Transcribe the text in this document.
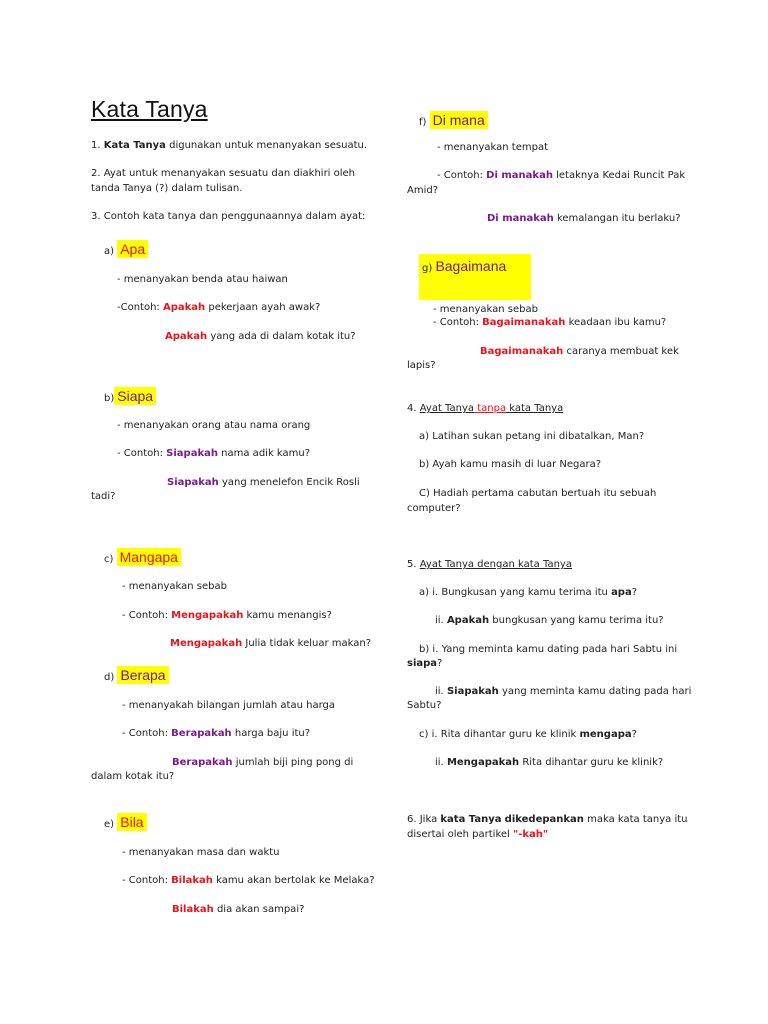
Kata Tanya
1. Kata Tanya digunakan untuk menanyakan sesuatu.
2. Ayat untuk menanyakan sesuatu dan diakhiri oleh tanda Tanya (?) dalam tulisan.
3. Contoh kata tanya dan penggunaannya dalam ayat:
a) Apa
- menanyakan benda atau haiwan
-Contoh: Apakah pekerjaan ayah awak?
Apakah yang ada di dalam kotak itu?
b) Siapa
- menanyakan orang atau nama orang
- Contoh: Siapakah nama adik kamu?
Siapakah yang menelefon Encik Rosli
tadi?
c) Mangapa
- menanyakan sebab
- Contoh: Mengapakah kamu menangis?
Mengapakah Julia tidak keluar makan?
d) Berapa
- menanyakah bilangan jumlah atau harga
- Contoh: Berapakah harga baju itu?
Berapakah jumlah biji ping pong di
dalam kotak itu?
e) Bila
- menanyakan masa dan waktu
- Contoh: Bilakah kamu akan bertolak ke Melaka?
Bilakah dia akan sampai?
f) Di mana
- menanyakan tempat
- Contoh: Di manakah letaknya Kedai Runcit Pak
Amid?
Di manakah kemalangan itu berlaku?
g) Bagaimana
- menanyakan sebab
- Contoh: Bagaimanakah keadaan ibu kamu?
Bagaimanakah caranya membuat kek
lapis?
4. Ayat Tanya tanpa kata Tanya
a) Latihan sukan petang ini dibatalkan, Man?
b) Ayah kamu masih di luar Negara?
C) Hadiah pertama cabutan bertuah itu sebuah computer?
5. Ayat Tanya dengan kata Tanya
a) i. Bungkusan yang kamu terima itu apa?
ii. Apakah bungkusan yang kamu terima itu?
b) i. Yang meminta kamu dating pada hari Sabtu ini
siapa?
ii. Siapakah yang meminta kamu dating pada hari
Sabtu?
c) i. Rita dihantar guru ke klinik mengapa?
ii. Mengapakah Rita dihantar guru ke klinik?
6. Jika kata Tanya dikedepankan maka kata tanya itu
disertai oleh partikel "-kah"
